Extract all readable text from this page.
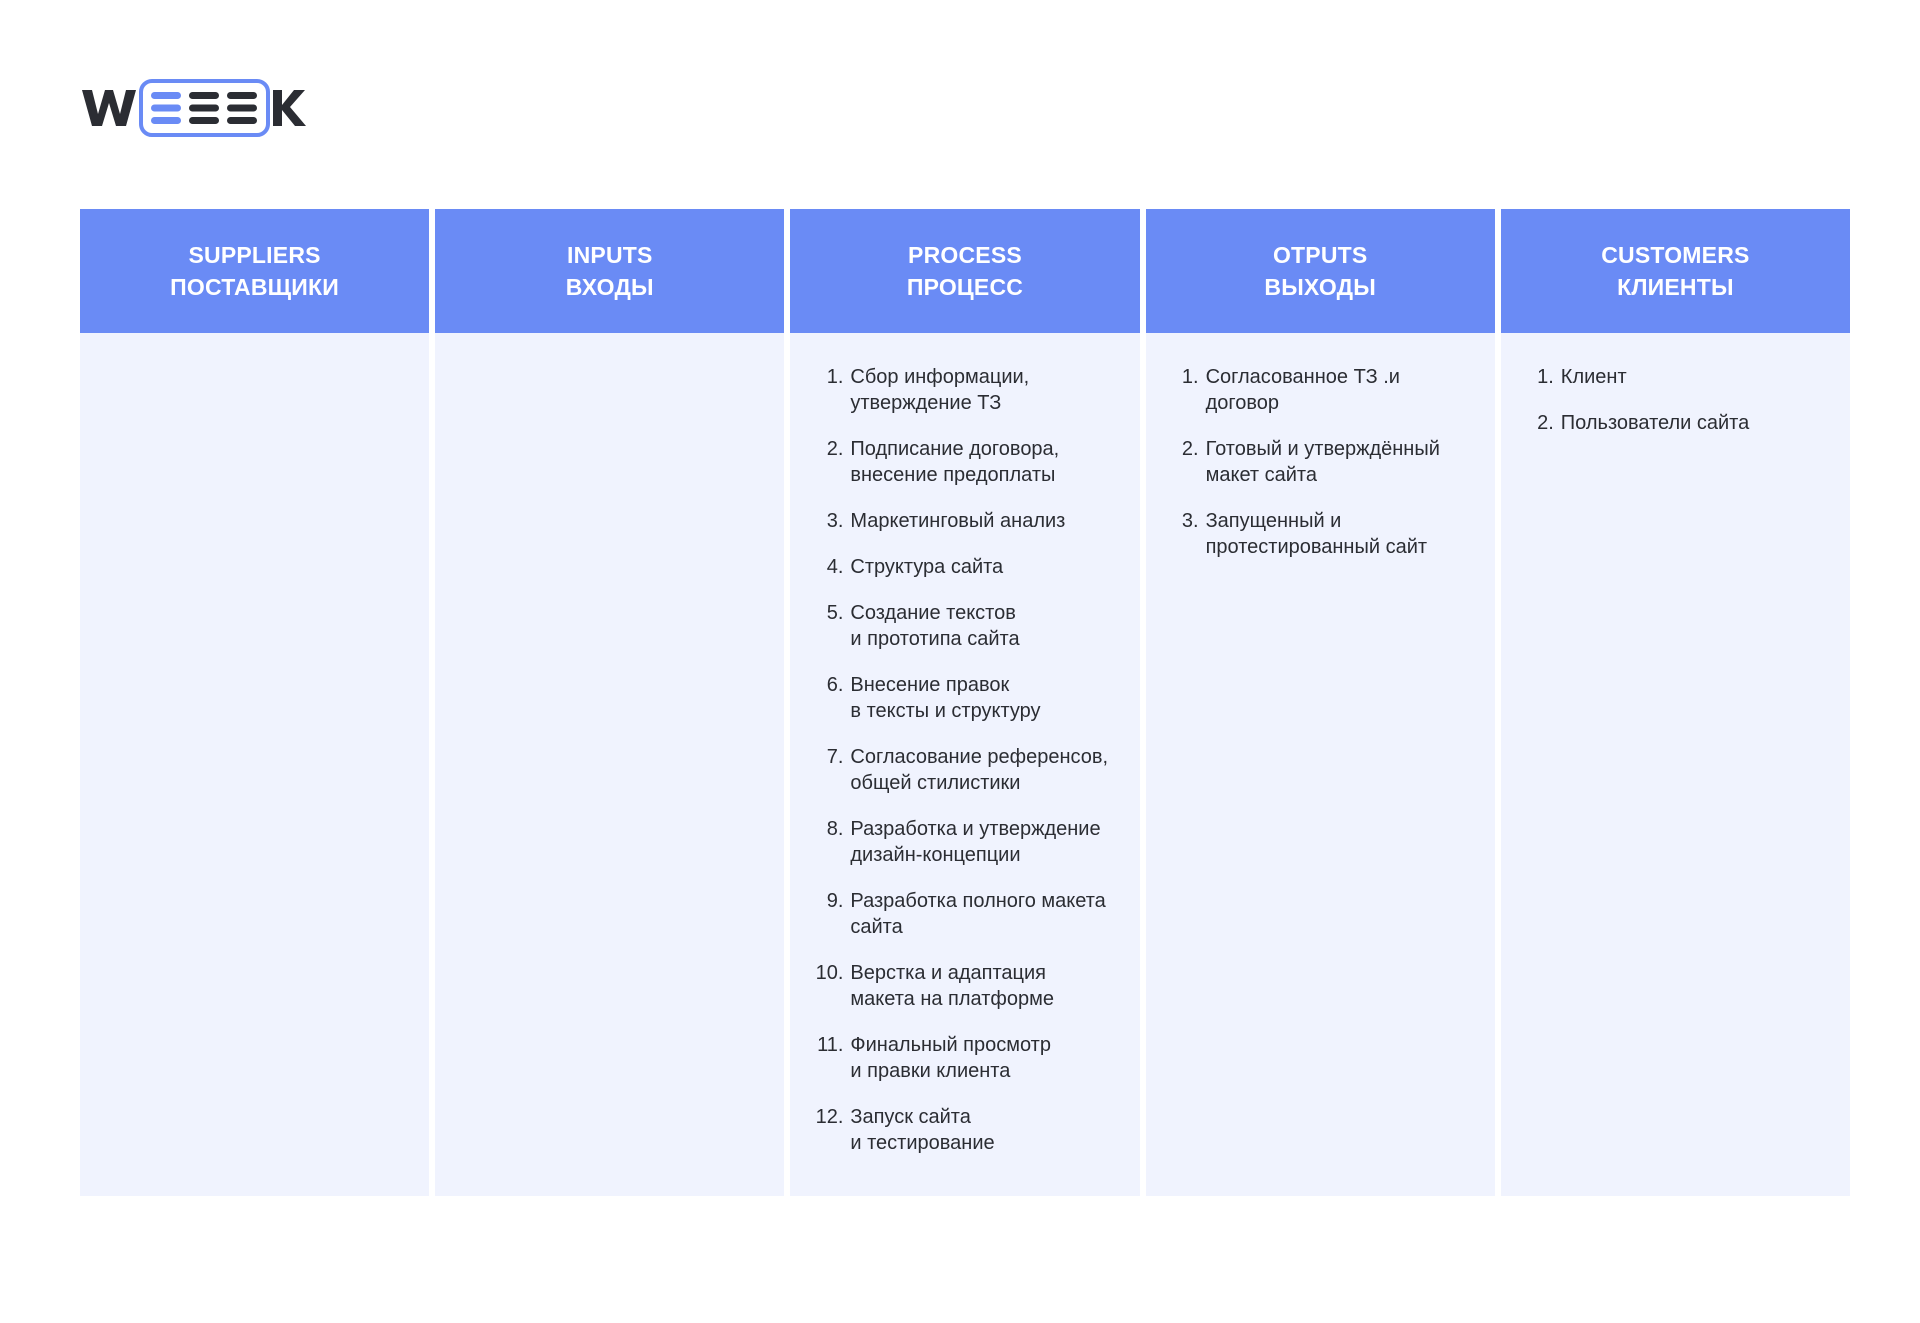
SUPPLIERS
ПОСТАВЩИКИ
INPUTS
ВХОДЫ
PROCESS
ПРОЦЕСС
1. Сбор информации,
утверждение ТЗ
2. Подписание договора,
внесение предоплаты
3. Маркетинговый анализ
4. Структура сайта
5. Создание текстов
и прототипа сайта
6. Внесение правок
в тексты и структуру
7. Согласование референсов,
общей стилистики
8. Разработка и утверждение
дизайн-концепции
9. Разработка полного макета
сайта
10. Верстка и адаптация
макета на платформе
11. Финальный просмотр
и правки клиента
12. Запуск сайта
и тестирование
OTPUTS
ВЫХОДЫ
1. Согласованное ТЗ .и
договор
2. Готовый и утверждённый
макет сайта
3. Запущенный и
протестированный сайт
CUSTOMERS
КЛИЕНТЫ
1. Клиент
2. Пользователи сайта
